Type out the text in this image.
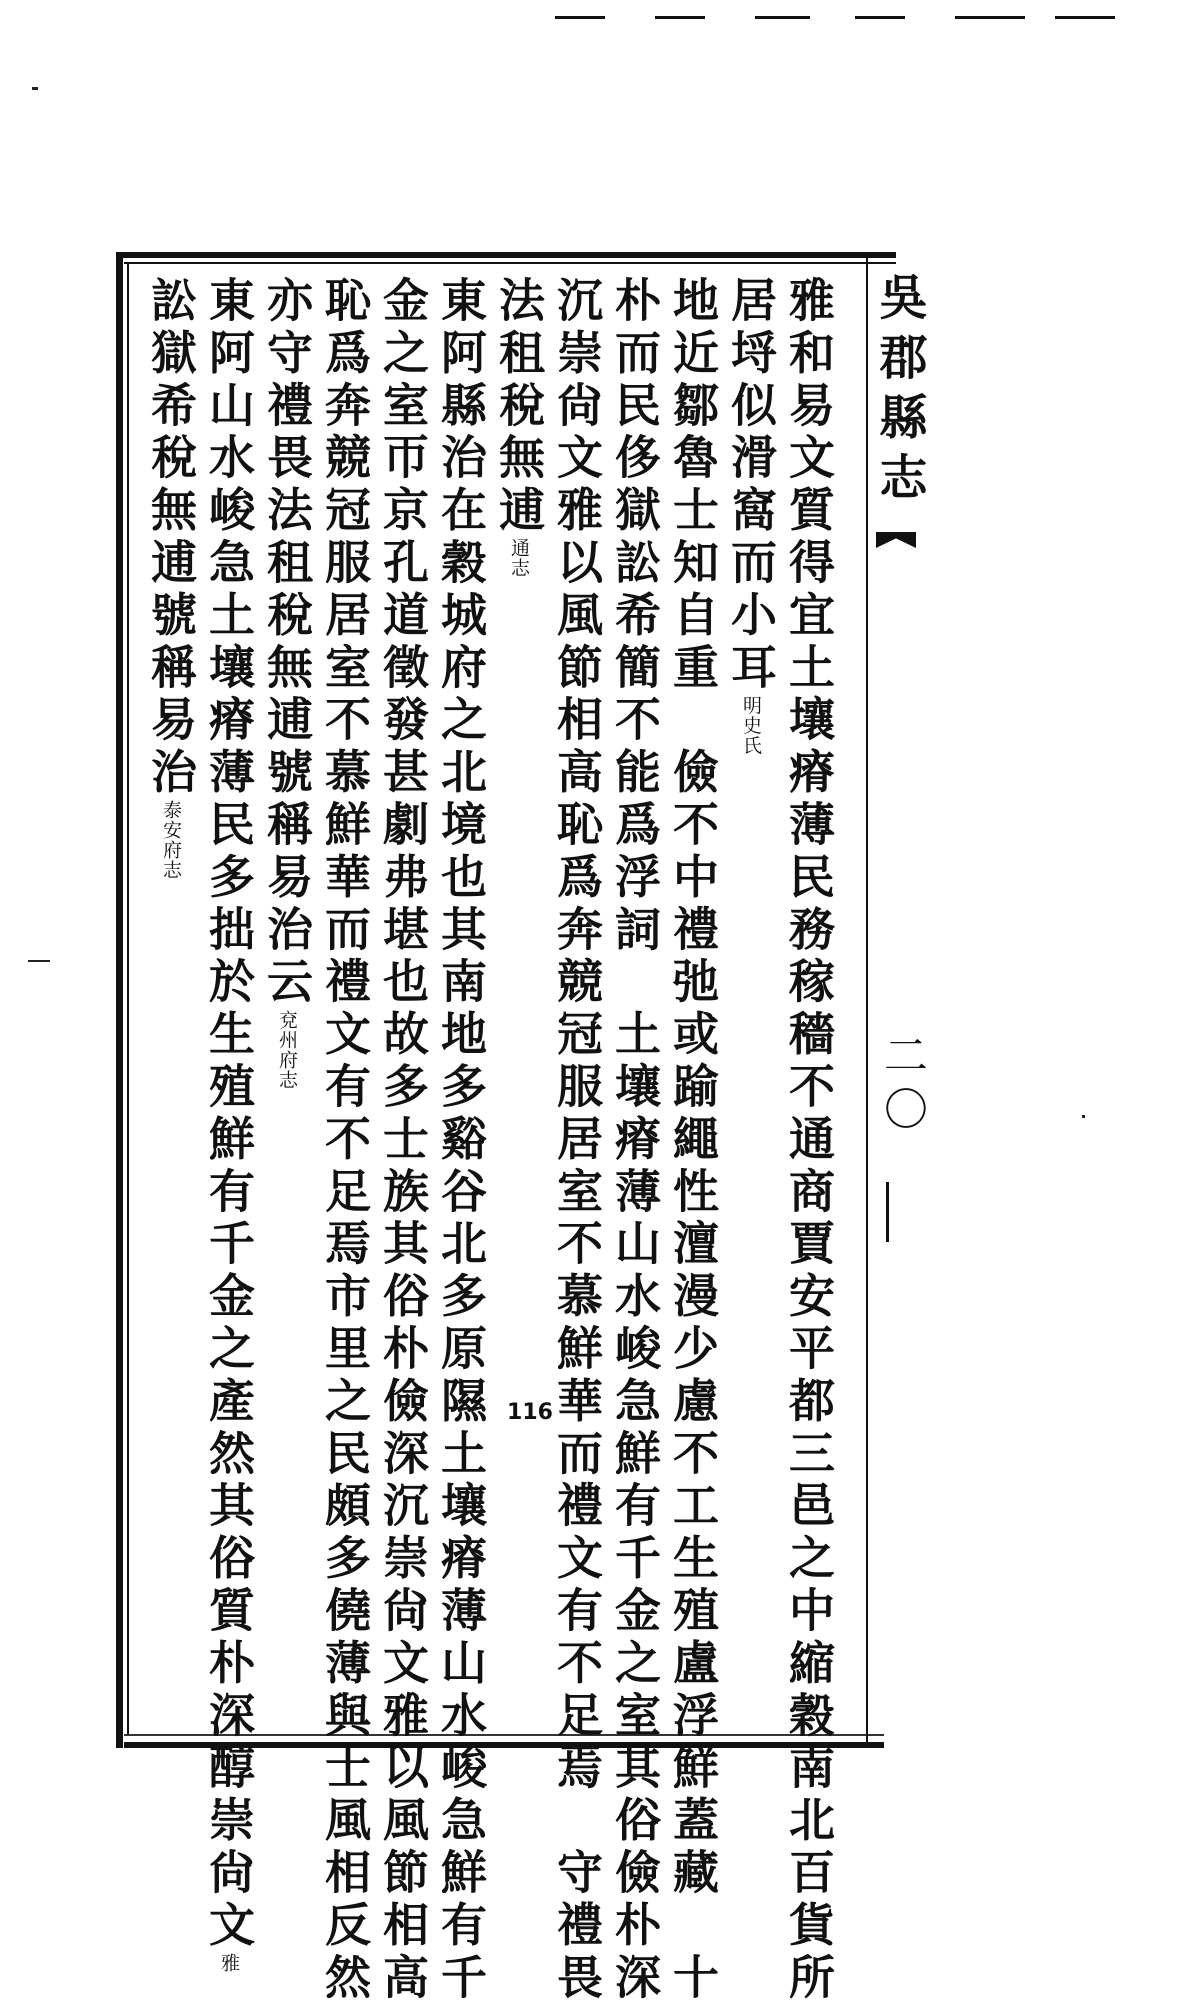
吳郡縣志
二〇
雅和易文質得宜土壤瘠薄民務稼穡不通商賈安平都三邑之中縮穀南北百貨所
居埒似滑窩而小耳明史氏
地近鄒魯士知自重　儉不中禮弛或踰繩性澶漫少慮不工生殖盧浮鮮蓋藏　十
朴而民侈獄訟希簡不能爲浮詞　土壤瘠薄山水峻急鮮有千金之室其俗儉朴深
沉崇尙文雅以風節相高恥爲奔競冠服居室不慕鮮華而禮文有不足焉　守禮畏
法租稅無逋通志
東阿縣治在穀城府之北境也其南地多谿谷北多原隰土壤瘠薄山水峻急鮮有千
金之室帀京孔道徵發甚劇弗堪也故多士族其俗朴儉深沉崇尙文雅以風節相高
恥爲奔競冠服居室不慕鮮華而禮文有不足焉市里之民頗多僥薄與士風相反然
亦守禮畏法租稅無逋號稱易治云兗州府志
東阿山水峻急土壤瘠薄民多拙於生殖鮮有千金之產然其俗質朴深醇崇尙文雅
訟獄希稅無逋號稱易治泰安府志
116
